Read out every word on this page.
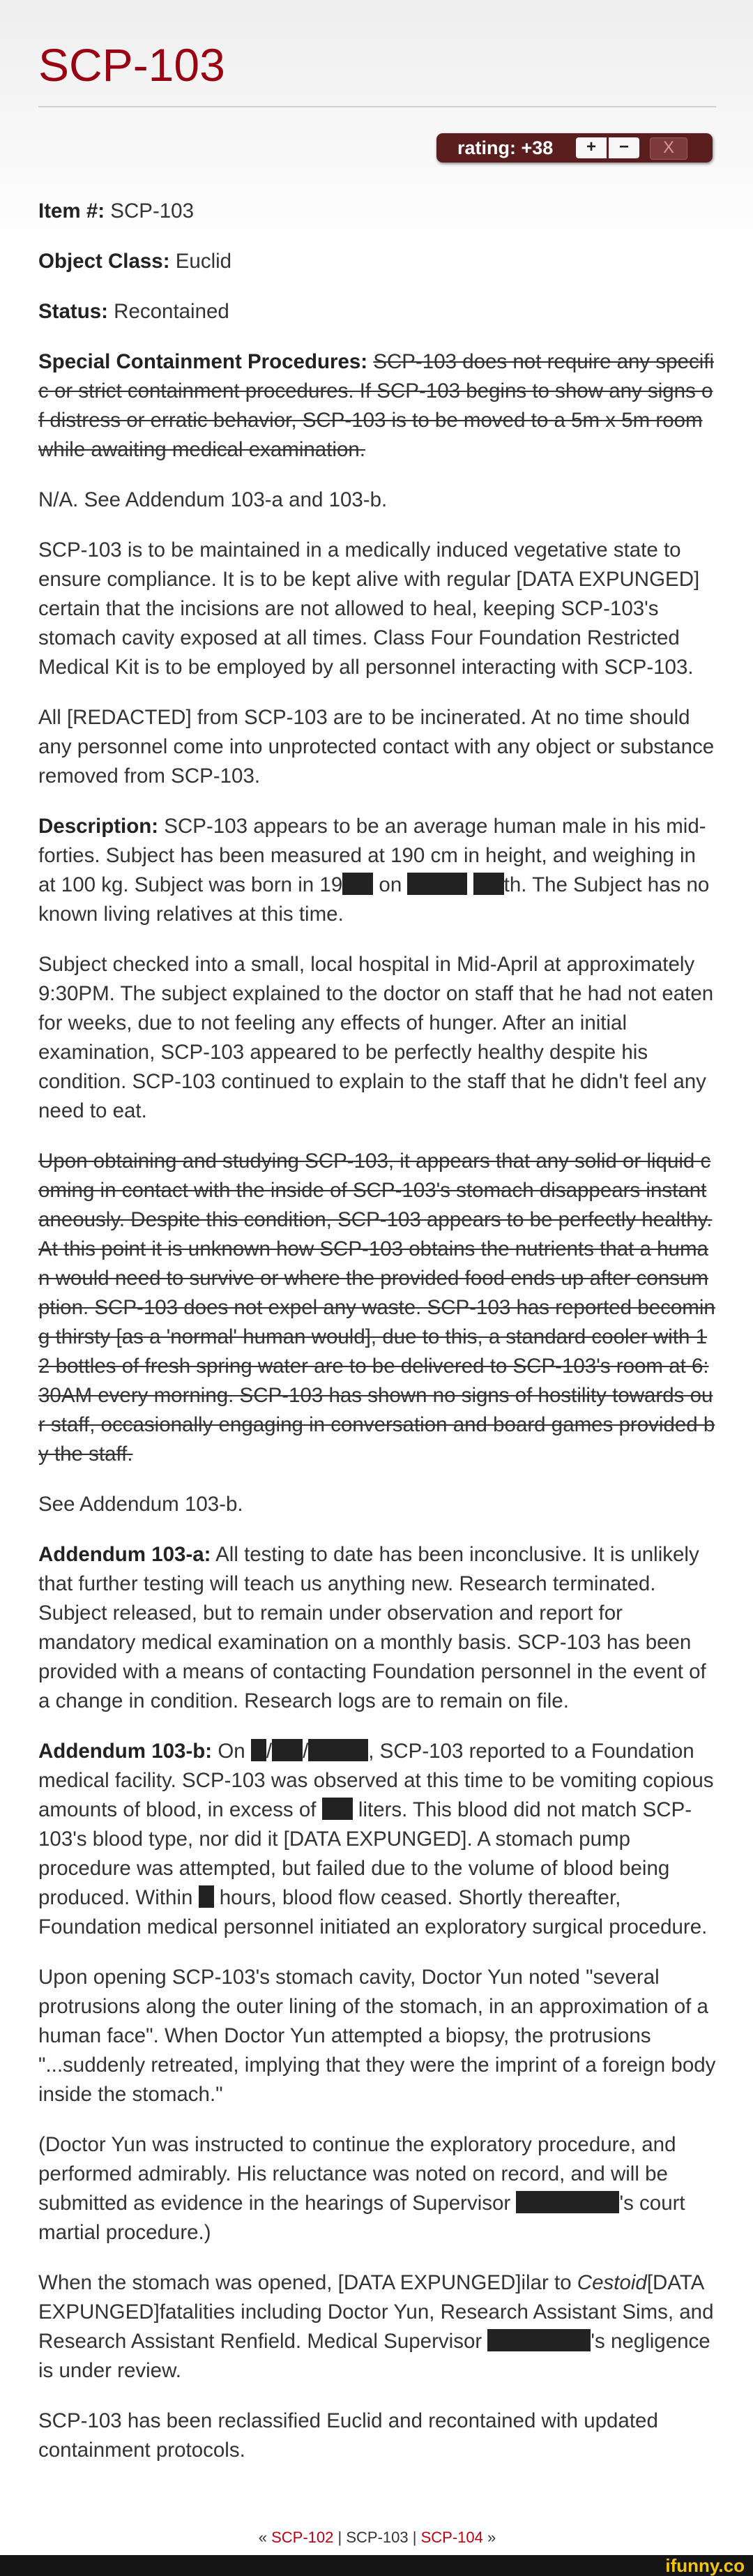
SCP-103
rating: +38	+	−	X

Item #: SCP-103

Object Class: Euclid

Status: Recontained

Special Containment Procedures: SCP-103 does not require any specific or strict containment procedures. If SCP-103 begins to show any signs of distress or erratic behavior, SCP-103 is to be moved to a 5m x 5m room while awaiting medical examination.

N/A. See Addendum 103-a and 103-b.

SCP-103 is to be maintained in a medically induced vegetative state to ensure compliance. It is to be kept alive with regular [DATA EXPUNGED] certain that the incisions are not allowed to heal, keeping SCP-103's stomach cavity exposed at all times. Class Four Foundation Restricted Medical Kit is to be employed by all personnel interacting with SCP-103.

All [REDACTED] from SCP-103 are to be incinerated. At no time should any personnel come into unprotected contact with any object or substance removed from SCP-103.

Description: SCP-103 appears to be an average human male in his mid-forties. Subject has been measured at 190 cm in height, and weighing in at 100 kg. Subject was born in 19 on	th. The Subject has no known living relatives at this time.

Subject checked into a small, local hospital in Mid-April at approximately 9:30PM. The subject explained to the doctor on staff that he had not eaten for weeks, due to not feeling any effects of hunger. After an initial examination, SCP-103 appeared to be perfectly healthy despite his condition. SCP-103 continued to explain to the staff that he didn't feel any need to eat.

Upon obtaining and studying SCP-103, it appears that any solid or liquid coming in contact with the inside of SCP-103's stomach disappears instantaneously. Despite this condition, SCP-103 appears to be perfectly healthy. At this point it is unknown how SCP-103 obtains the nutrients that a human would need to survive or where the provided food ends up after consumption. SCP-103 does not expel any waste. SCP-103 has reported becoming thirsty [as a 'normal' human would], due to this, a standard cooler with 12 bottles of fresh spring water are to be delivered to SCP-103's room at 6:30AM every morning. SCP-103 has shown no signs of hostility towards our staff, occasionally engaging in conversation and board games provided by the staff.

See Addendum 103-b.

Addendum 103-a: All testing to date has been inconclusive. It is unlikely that further testing will teach us anything new. Research terminated. Subject released, but to remain under observation and report for mandatory medical examination on a monthly basis. SCP-103 has been provided with a means of contacting Foundation personnel in the event of a change in condition. Research logs are to remain on file.

Addendum 103-b: On / /	, SCP-103 reported to a Foundation medical facility. SCP-103 was observed at this time to be vomiting copious amounts of blood, in excess of  liters. This blood did not match SCP-103's blood type, nor did it [DATA EXPUNGED]. A stomach pump procedure was attempted, but failed due to the volume of blood being produced. Within  hours, blood flow ceased. Shortly thereafter, Foundation medical personnel initiated an exploratory surgical procedure.

Upon opening SCP-103's stomach cavity, Doctor Yun noted "several protrusions along the outer lining of the stomach, in an approximation of a human face". When Doctor Yun attempted a biopsy, the protrusions "...suddenly retreated, implying that they were the imprint of a foreign body inside the stomach."

(Doctor Yun was instructed to continue the exploratory procedure, and performed admirably. His reluctance was noted on record, and will be submitted as evidence in the hearings of Supervisor	's court martial procedure.)

When the stomach was opened, [DATA EXPUNGED]ilar to Cestoid[DATA EXPUNGED]fatalities including Doctor Yun, Research Assistant Sims, and Research Assistant Renfield. Medical Supervisor	's negligence is under review.

SCP-103 has been reclassified Euclid and recontained with updated containment protocols.

« SCP-102 | SCP-103 | SCP-104 »
ifunny.co
